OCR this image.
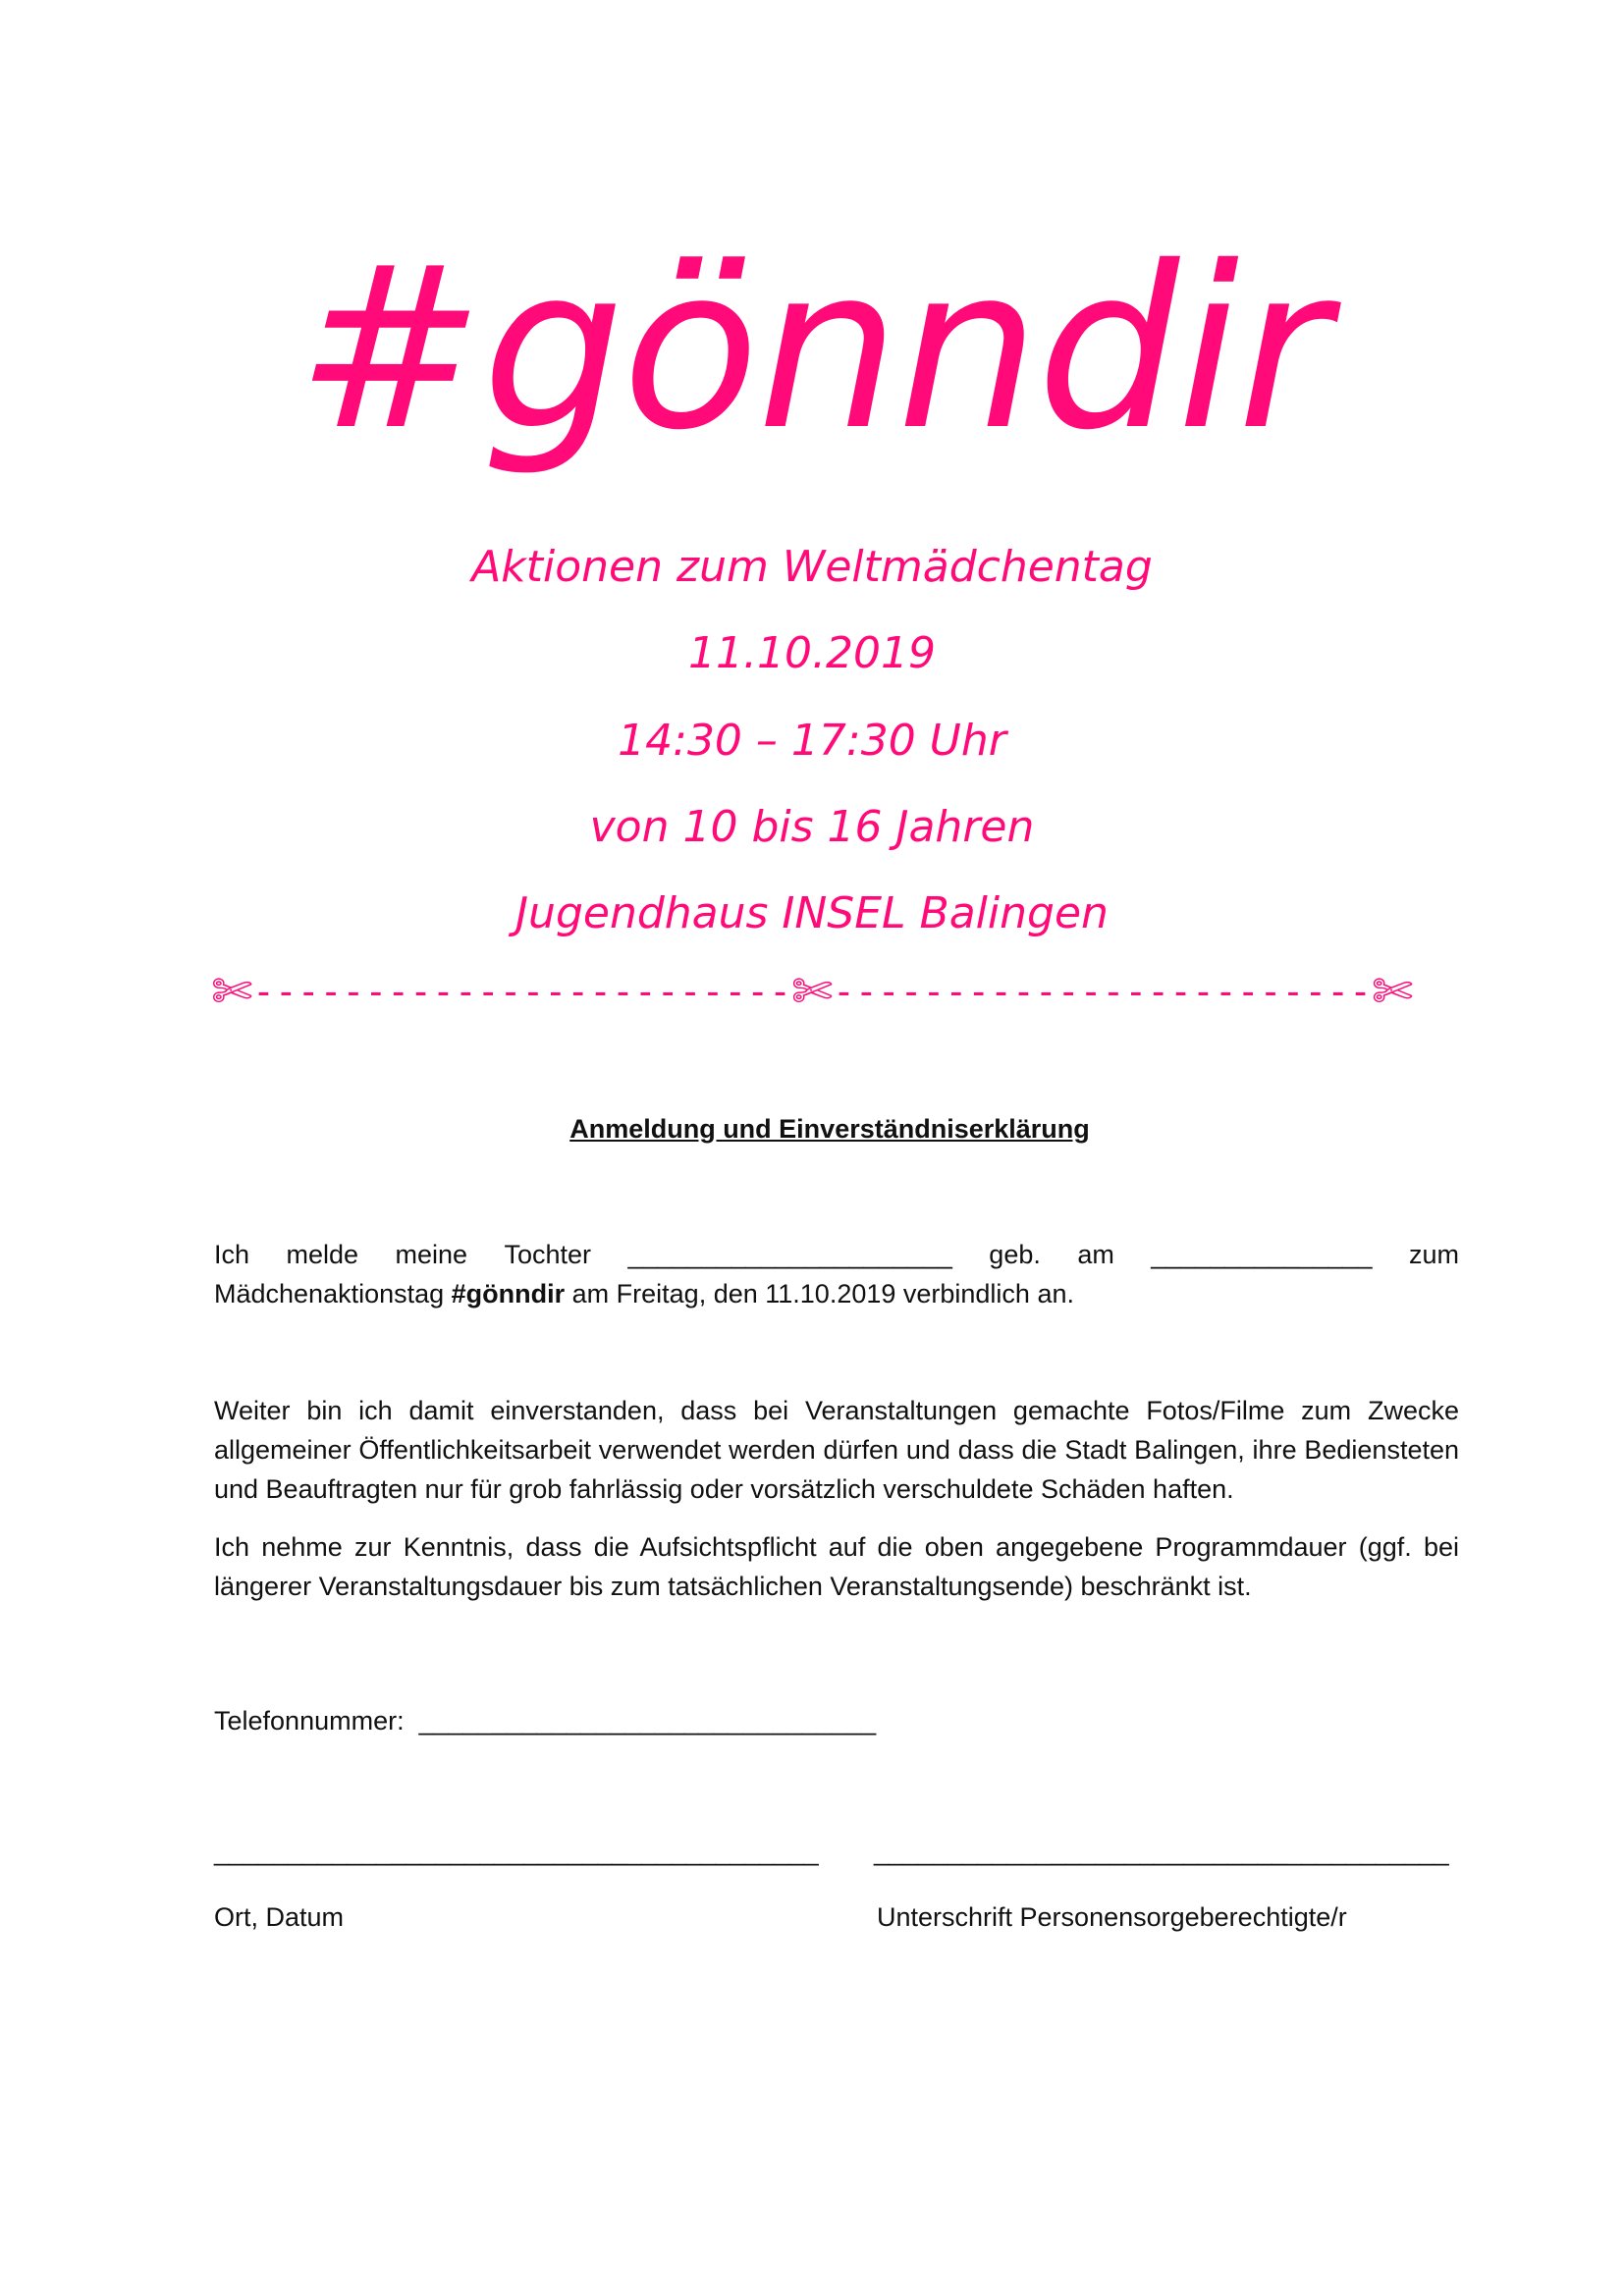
#gönndir
Aktionen zum Weltmädchentag
11.10.2019
14:30 – 17:30 Uhr
von 10 bis 16 Jahren
Jugendhaus INSEL Balingen
✄------------------------✄------------------------✄
Anmeldung und Einverständniserklärung
Ich melde meine Tochter ______________________ geb. am _______________ zum
Mädchenaktionstag #gönndir am Freitag, den 11.10.2019 verbindlich an.
Weiter bin ich damit einverstanden, dass bei Veranstaltungen gemachte Fotos/Filme zum Zwecke allgemeiner Öffentlichkeitsarbeit verwendet werden dürfen und dass die Stadt Balingen, ihre Bediensteten und Beauftragten nur für grob fahrlässig oder vorsätzlich verschuldete Schäden haften.
Ich nehme zur Kenntnis, dass die Aufsichtspflicht auf die oben angegebene Programmdauer (ggf. bei längerer Veranstaltungsdauer bis zum tatsächlichen Veranstaltungsende) beschränkt ist.
Telefonnummer: _______________________________
_________________________________________ _______________________________________
Ort, Datum	Unterschrift Personensorgeberechtigte/r
